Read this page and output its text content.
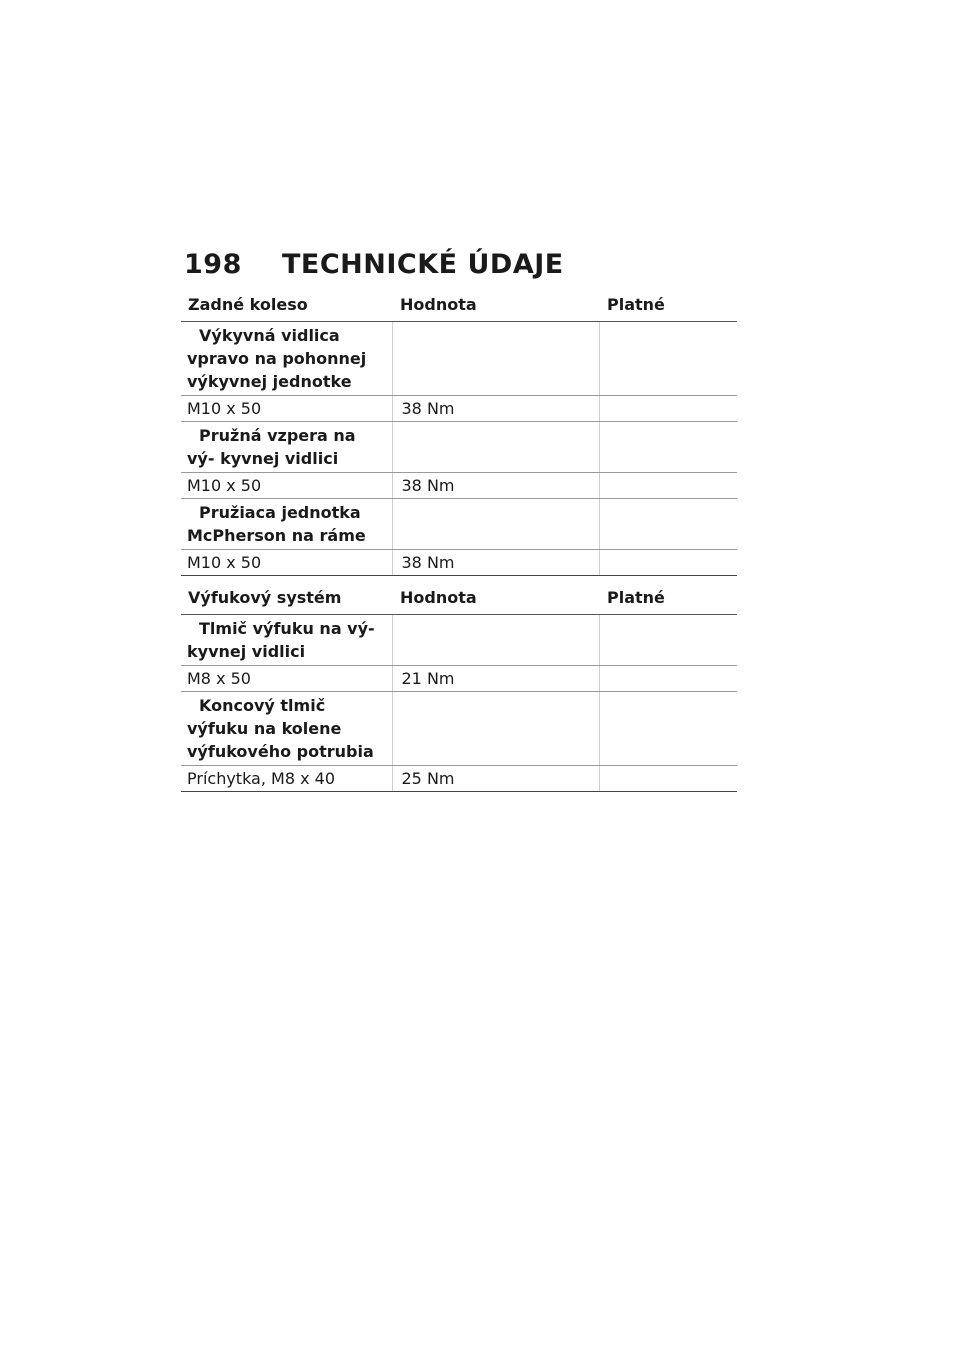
198	TECHNICKÉ ÚDAJE
Zadné koleso	Hodnota	Platné
Výkyvná vidlica vpravo na pohonnej výkyvnej jednotke		
M10 x 50	38 Nm	
Pružná vzpera na vý- kyvnej vidlici		
M10 x 50	38 Nm	
Pružiaca jednotka McPherson na ráme		
M10 x 50	38 Nm	
Výfukový systém	Hodnota	Platné
Tlmič výfuku na vý- kyvnej vidlici		
M8 x 50	21 Nm	
Koncový tlmič výfuku na kolene výfukového potrubia		
Príchytka, M8 x 40	25 Nm	
